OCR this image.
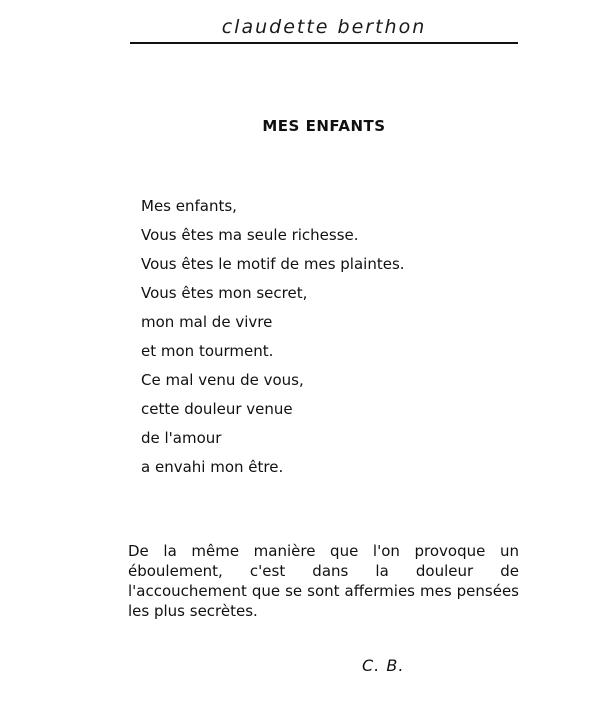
claudette berthon
MES ENFANTS
Mes enfants,
Vous êtes ma seule richesse.
Vous êtes le motif de mes plaintes.
Vous êtes mon secret,
mon mal de vivre
et mon tourment.
Ce mal venu de vous,
cette douleur venue
de l'amour
a envahi mon être.

De la même manière que l'on provoque un éboulement, c'est dans la douleur de l'accouchement que se sont affermies mes pensées les plus secrètes.

C. B.
